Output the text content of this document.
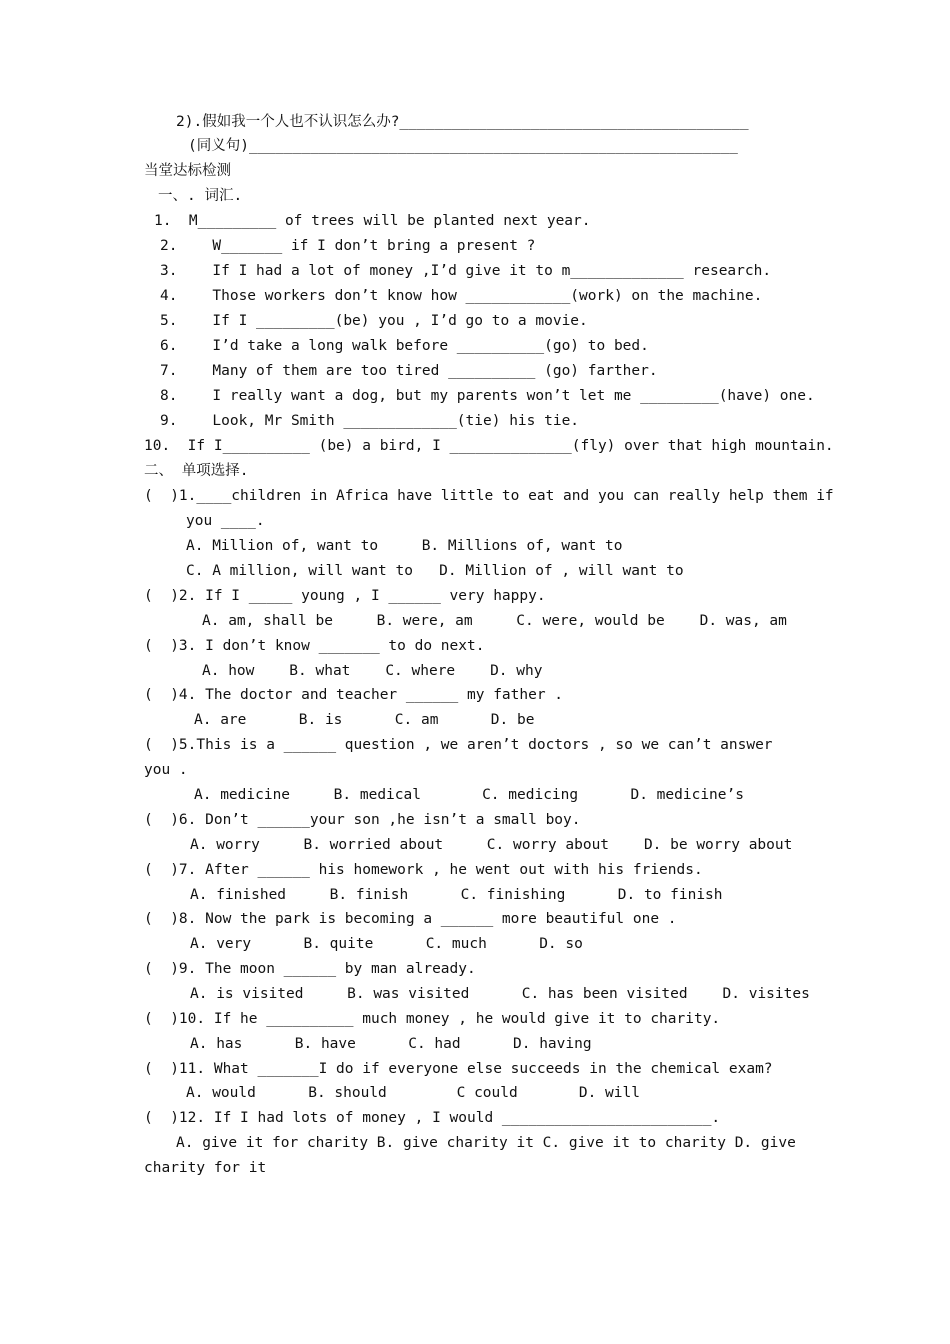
2).假如我一个人也不认识怎么办?________________________________________
(同义句)________________________________________________________
当堂达标检测
一、. 词汇.
1.  M_________ of trees will be planted next year.
2.    W_______ if I don’t bring a present ?
3.    If I had a lot of money ,I’d give it to m_____________ research.
4.    Those workers don’t know how ____________(work) on the machine.
5.    If I _________(be) you , I’d go to a movie.
6.    I’d take a long walk before __________(go) to bed.
7.    Many of them are too tired __________ (go) farther.
8.    I really want a dog, but my parents won’t let me _________(have) one.
9.    Look, Mr Smith _____________(tie) his tie.
10.  If I__________ (be) a bird, I ______________(fly) over that high mountain.
二、 单项选择.
(  )1.____children in Africa have little to eat and you can really help them if
you ____.
A. Million of, want to     B. Millions of, want to
C. A million, will want to   D. Million of , will want to
(  )2. If I _____ young , I ______ very happy.
A. am, shall be     B. were, am     C. were, would be    D. was, am
(  )3. I don’t know _______ to do next.
A. how    B. what    C. where    D. why
(  )4. The doctor and teacher ______ my father .
A. are      B. is      C. am      D. be
(  )5.This is a ______ question , we aren’t doctors , so we can’t answer
you .
A. medicine     B. medical       C. medicing      D. medicine’s
(  )6. Don’t ______your son ,he isn’t a small boy.
A. worry     B. worried about     C. worry about    D. be worry about
(  )7. After ______ his homework , he went out with his friends.
A. finished     B. finish      C. finishing      D. to finish
(  )8. Now the park is becoming a ______ more beautiful one .
A. very      B. quite      C. much      D. so
(  )9. The moon ______ by man already.
A. is visited     B. was visited      C. has been visited    D. visites
(  )10. If he __________ much money , he would give it to charity.
A. has      B. have      C. had      D. having
(  )11. What _______I do if everyone else succeeds in the chemical exam?
A. would      B. should        C could       D. will
(  )12. If I had lots of money , I would ________________________.
A. give it for charity B. give charity it C. give it to charity D. give
charity for it
